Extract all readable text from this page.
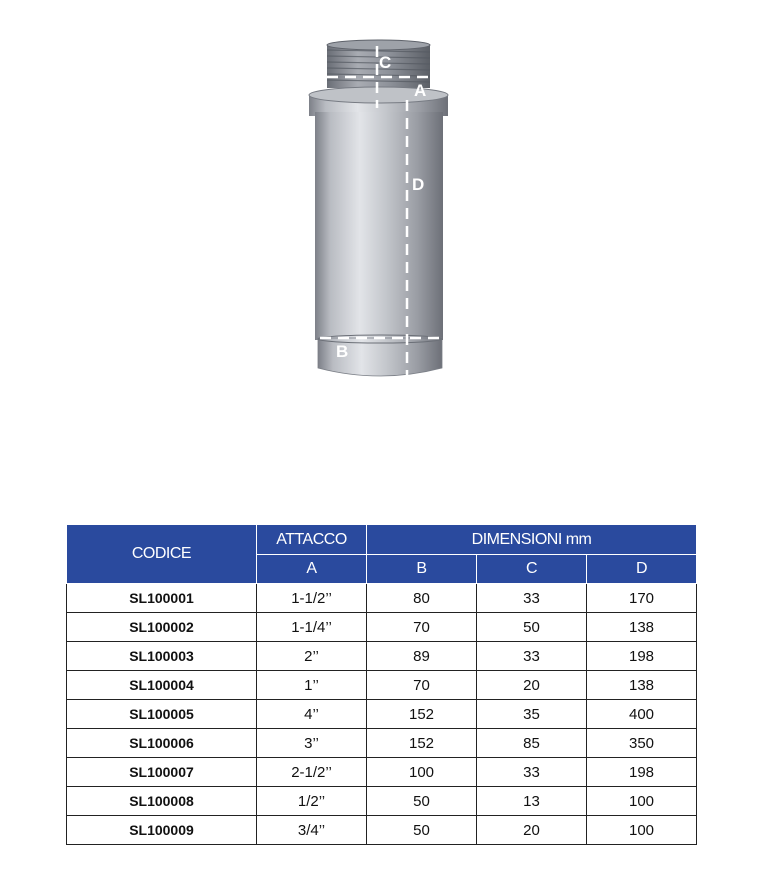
C
A
D
B
CODICE	ATTACCO	DIMENSIONI mm		
	A	B	C	D
SL100001	1-1/2’’	80	33	170
SL100002	1-1/4’’	70	50	138
SL100003	2’’	89	33	198
SL100004	1’’	70	20	138
SL100005	4’’	152	35	400
SL100006	3’’	152	85	350
SL100007	2-1/2’’	100	33	198
SL100008	1/2’’	50	13	100
SL100009	3/4’’	50	20	100
